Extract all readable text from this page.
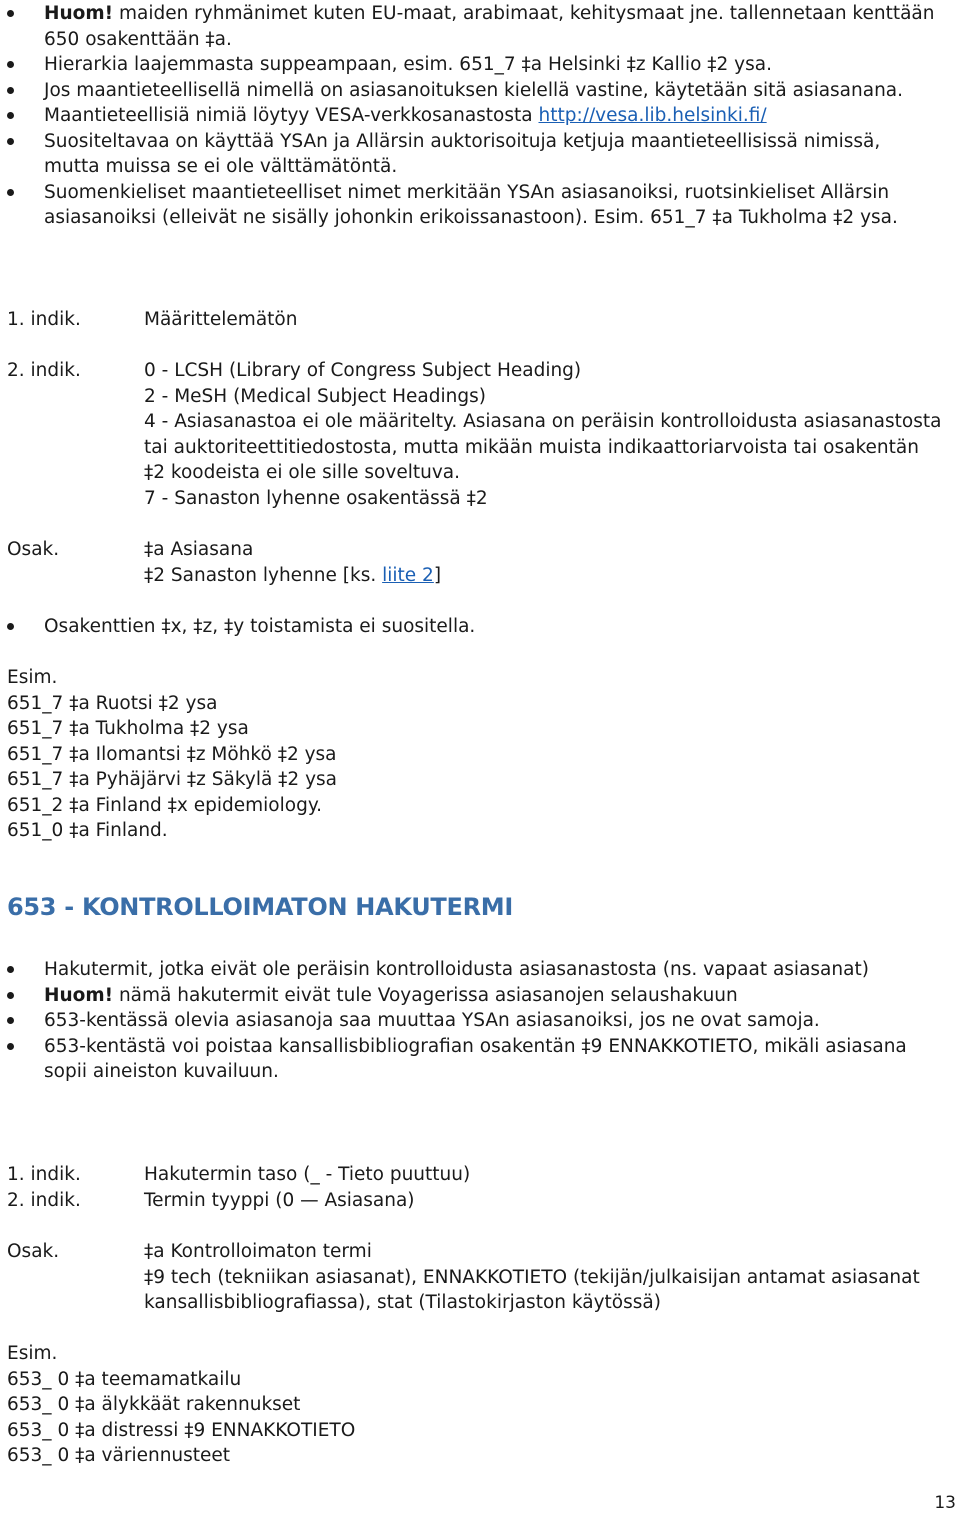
Huom! maiden ryhmänimet kuten EU-maat, arabimaat, kehitysmaat jne. tallennetaan kenttään 650 osakenttään ‡a.
Hierarkia laajemmasta suppeampaan, esim. 651_7 ‡a Helsinki ‡z Kallio ‡2 ysa.
Jos maantieteellisellä nimellä on asiasanoituksen kielellä vastine, käytetään sitä asiasanana.
Maantieteellisiä nimiä löytyy VESA-verkkosanastosta http://vesa.lib.helsinki.fi/
Suositeltavaa on käyttää YSAn ja Allärsin auktorisoituja ketjuja maantieteellisissä nimissä, mutta muissa se ei ole välttämätöntä.
Suomenkieliset maantieteelliset nimet merkitään YSAn asiasanoiksi, ruotsinkieliset Allärsin asiasanoiksi (elleivät ne sisälly johonkin erikoissanastoon). Esim. 651_7 ‡a Tukholma ‡2 ysa.
1. indik.	Määrittelemätön
2. indik.	0 - LCSH (Library of Congress Subject Heading)
2 - MeSH (Medical Subject Headings)
4 - Asiasanastoa ei ole määritelty. Asiasana on peräisin kontrolloidusta asiasanastosta tai auktoriteettitiedostosta, mutta mikään muista indikaattoriarvoista tai osakentän ‡2 koodeista ei ole sille soveltuva.
7 - Sanaston lyhenne osakentässä ‡2
Osak.	‡a Asiasana
‡2 Sanaston lyhenne [ks. liite 2]
Osakenttien ‡x, ‡z, ‡y toistamista ei suositella.
Esim.
651_7 ‡a Ruotsi ‡2 ysa
651_7 ‡a Tukholma ‡2 ysa
651_7 ‡a Ilomantsi ‡z Möhkö ‡2 ysa
651_7 ‡a Pyhäjärvi ‡z Säkylä ‡2 ysa
651_2 ‡a Finland ‡x epidemiology.
651_0 ‡a Finland.
653 - KONTROLLOIMATON HAKUTERMI
Hakutermit, jotka eivät ole peräisin kontrolloidusta asiasanastosta (ns. vapaat asiasanat)
Huom! nämä hakutermit eivät tule Voyagerissa asiasanojen selaushakuun
653-kentässä olevia asiasanoja saa muuttaa YSAn asiasanoiksi, jos ne ovat samoja.
653-kentästä voi poistaa kansallisbibliografian osakentän ‡9 ENNAKKOTIETO, mikäli asiasana sopii aineiston kuvailuun.
1. indik.	Hakutermin taso (_ - Tieto puuttuu)
2. indik.	Termin tyyppi (0 — Asiasana)
Osak.	‡a Kontrolloimaton termi
‡9 tech (tekniikan asiasanat), ENNAKKOTIETO (tekijän/julkaisijan antamat asiasanat kansallisbibliografiassa), stat (Tilastokirjaston käytössä)
Esim.
653_ 0 ‡a teemamatkailu
653_ 0 ‡a älykkäät rakennukset
653_ 0 ‡a distressi ‡9 ENNAKKOTIETO
653_ 0 ‡a väriennusteet
13
